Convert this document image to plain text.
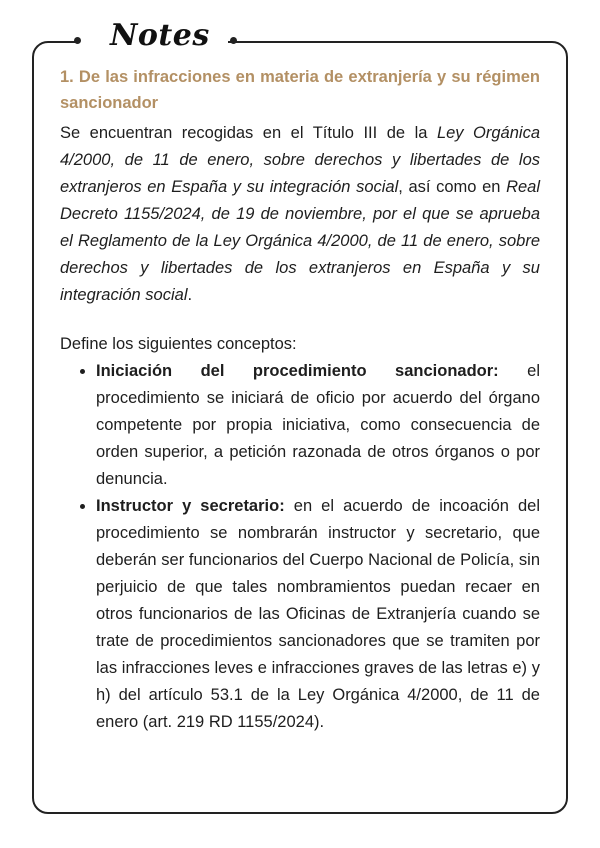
Notes

1. De las infracciones en materia de extranjería y su régimen sancionador

Se encuentran recogidas en el Título III de la Ley Orgánica 4/2000, de 11 de enero, sobre derechos y libertades de los extranjeros en España y su integración social, así como en Real Decreto 1155/2024, de 19 de noviembre, por el que se aprueba el Reglamento de la Ley Orgánica 4/2000, de 11 de enero, sobre derechos y libertades de los extranjeros en España y su integración social.

Define los siguientes conceptos:

Iniciación del procedimiento sancionador: el procedimiento se iniciará de oficio por acuerdo del órgano competente por propia iniciativa, como consecuencia de orden superior, a petición razonada de otros órganos o por denuncia.
Instructor y secretario: en el acuerdo de incoación del procedimiento se nombrarán instructor y secretario, que deberán ser funcionarios del Cuerpo Nacional de Policía, sin perjuicio de que tales nombramientos puedan recaer en otros funcionarios de las Oficinas de Extranjería cuando se trate de procedimientos sancionadores que se tramiten por las infracciones leves e infracciones graves de las letras e) y h) del artículo 53.1 de la Ley Orgánica 4/2000, de 11 de enero (art. 219 RD 1155/2024).
